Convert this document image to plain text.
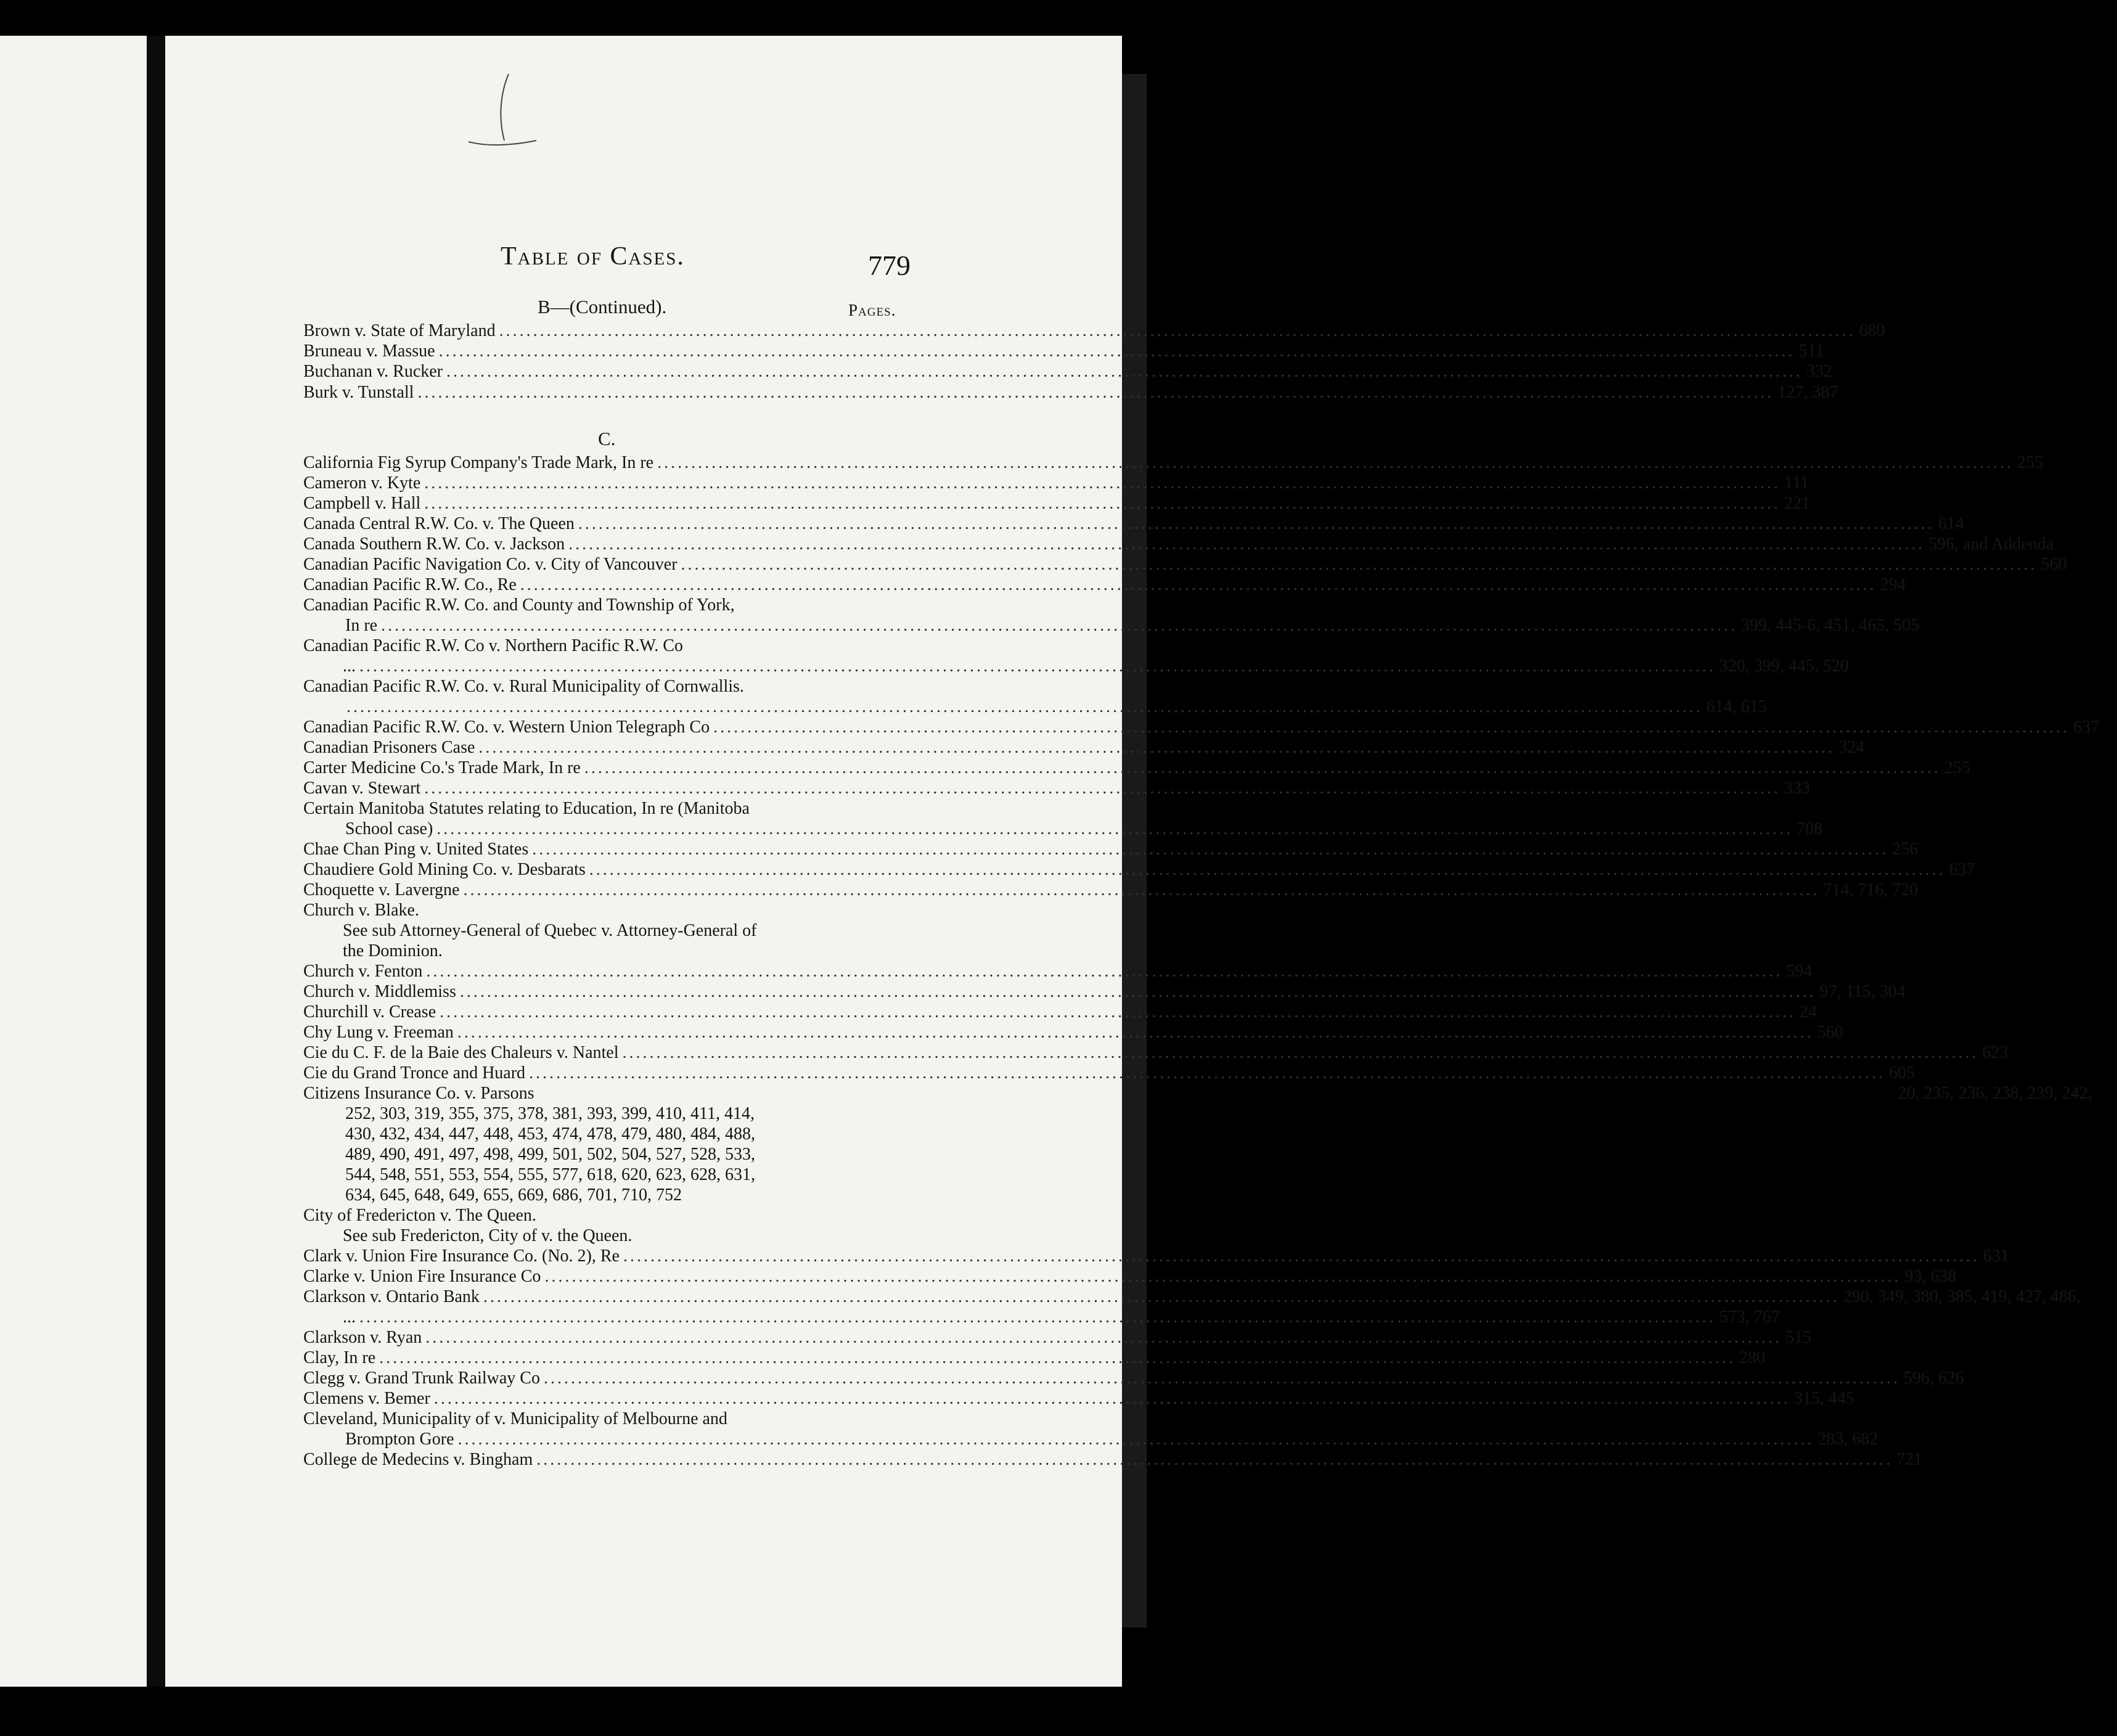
Table of Cases.	779
B—(Continued).	Pages.
C.
Brown v. State of Maryland ........................................................................................................................................................................................................ 680
Bruneau v. Massue ........................................................................................................................................................................................................ 511
Buchanan v. Rucker ........................................................................................................................................................................................................ 332
Burk v. Tunstall ........................................................................................................................................................................................................ 127, 387
California Fig Syrup Company's Trade Mark, In re ........................................................................................................................................................................................................ 255
Cameron v. Kyte ........................................................................................................................................................................................................ 111
Campbell v. Hall ........................................................................................................................................................................................................ 221
Canada Central R.W. Co. v. The Queen ........................................................................................................................................................................................................ 614
Canada Southern R.W. Co. v. Jackson ........................................................................................................................................................................................................ 596, and Addenda
Canadian Pacific Navigation Co. v. City of Vancouver ........................................................................................................................................................................................................ 560
Canadian Pacific R.W. Co., Re ........................................................................................................................................................................................................ 294
Canadian Pacific R.W. Co. and County and Township of York,
In re ........................................................................................................................................................................................................ 399, 445-6, 451, 465, 505
Canadian Pacific R.W. Co v. Northern Pacific R.W. Co
... ........................................................................................................................................................................................................ 320, 399, 445, 520
Canadian Pacific R.W. Co. v. Rural Municipality of Cornwallis.
........................................................................................................................................................................................................ 614, 615
Canadian Pacific R.W. Co. v. Western Union Telegraph Co ........................................................................................................................................................................................................ 637
Canadian Prisoners Case ........................................................................................................................................................................................................ 324
Carter Medicine Co.'s Trade Mark, In re ........................................................................................................................................................................................................ 255
Cavan v. Stewart ........................................................................................................................................................................................................ 333
Certain Manitoba Statutes relating to Education, In re (Manitoba
School case) ........................................................................................................................................................................................................ 708
Chae Chan Ping v. United States ........................................................................................................................................................................................................ 256
Chaudiere Gold Mining Co. v. Desbarats ........................................................................................................................................................................................................ 637
Choquette v. Lavergne ........................................................................................................................................................................................................ 714, 716, 720
Church v. Blake.
See sub Attorney-General of Quebec v. Attorney-General of
the Dominion.
Church v. Fenton ........................................................................................................................................................................................................ 594
Church v. Middlemiss ........................................................................................................................................................................................................ 97, 115, 304
Churchill v. Crease ........................................................................................................................................................................................................ 24
Chy Lung v. Freeman ........................................................................................................................................................................................................ 560
Cie du C. F. de la Baie des Chaleurs v. Nantel ........................................................................................................................................................................................................ 623
Cie du Grand Tronce and Huard ........................................................................................................................................................................................................ 605
Citizens Insurance Co. v. Parsons	20, 235, 236, 238, 239, 242,
252, 303, 319, 355, 375, 378, 381, 393, 399, 410, 411, 414,
430, 432, 434, 447, 448, 453, 474, 478, 479, 480, 484, 488,
489, 490, 491, 497, 498, 499, 501, 502, 504, 527, 528, 533,
544, 548, 551, 553, 554, 555, 577, 618, 620, 623, 628, 631,
634, 645, 648, 649, 655, 669, 686, 701, 710, 752
City of Fredericton v. The Queen.
See sub Fredericton, City of v. the Queen.
Clark v. Union Fire Insurance Co. (No. 2), Re ........................................................................................................................................................................................................ 631
Clarke v. Union Fire Insurance Co ........................................................................................................................................................................................................ 93, 638
Clarkson v. Ontario Bank ........................................................................................................................................................................................................ 290, 349, 380, 385, 419, 427, 486,
... ........................................................................................................................................................................................................ 573, 767
Clarkson v. Ryan ........................................................................................................................................................................................................ 515
Clay, In re ........................................................................................................................................................................................................ 280
Clegg v. Grand Trunk Railway Co ........................................................................................................................................................................................................ 596, 626
Clemens v. Bemer ........................................................................................................................................................................................................ 315, 445
Cleveland, Municipality of v. Municipality of Melbourne and
Brompton Gore ........................................................................................................................................................................................................ 283, 682
College de Medecins v. Bingham ........................................................................................................................................................................................................ 721
